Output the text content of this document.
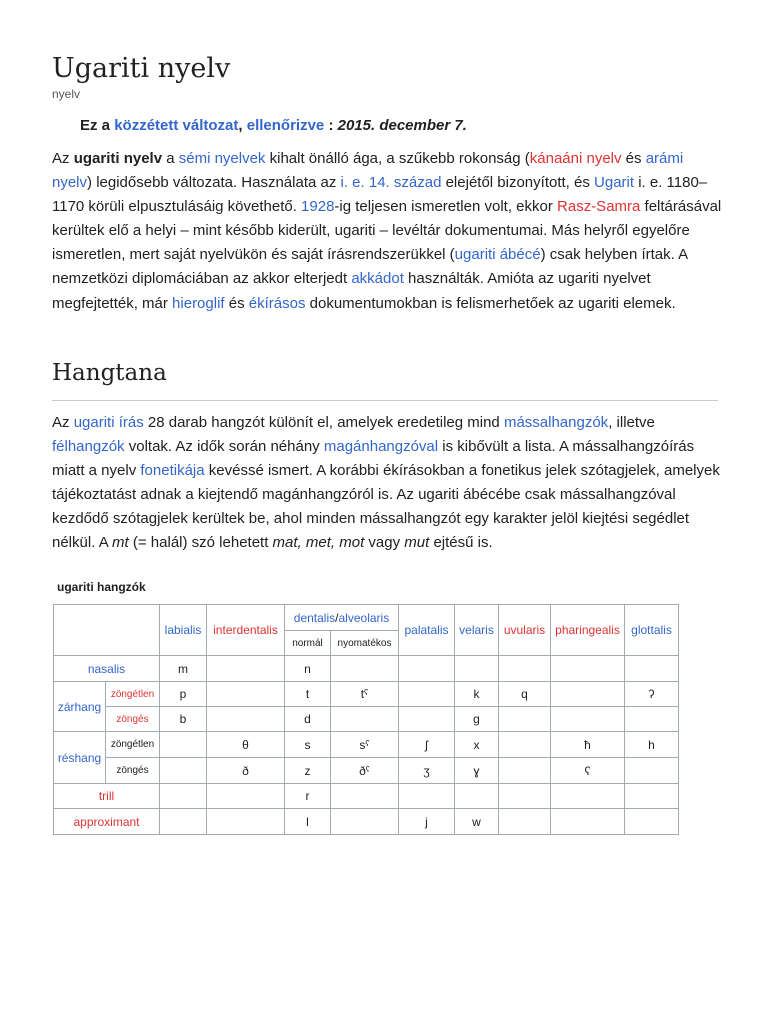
Ugariti nyelv
nyelv
Ez a közzétett változat, ellenőrizve : 2015. december 7.

Az ugariti nyelv a sémi nyelvek kihalt önálló ága, a szűkebb rokonság (kánaáni nyelv és arámi nyelv) legidősebb változata. Használata az i. e. 14. század elejétől bizonyított, és Ugarit i. e. 1180–1170 körüli elpusztulásáig követhető. 1928-ig teljesen ismeretlen volt, ekkor Rasz-Samra feltárásával kerültek elő a helyi – mint később kiderült, ugariti – levéltár dokumentumai. Más helyről egyelőre ismeretlen, mert saját nyelvükön és saját írásrendszerükkel (ugariti ábécé) csak helyben írtak. A nemzetközi diplomáciában az akkor elterjedt akkádot használták. Amióta az ugariti nyelvet megfejtették, már hieroglif és ékírásos dokumentumokban is felismerhetőek az ugariti elemek.

Hangtana

Az ugariti írás 28 darab hangzót különít el, amelyek eredetileg mind mássalhangzók, illetve félhangzók voltak. Az idők során néhány magánhangzóval is kibővült a lista. A mássalhangzóírás miatt a nyelv fonetikája kevéssé ismert. A korábbi ékírásokban a fonetikus jelek szótagjelek, amelyek tájékoztatást adnak a kiejtendő magánhangzóról is. Az ugariti ábécébe csak mássalhangzóval kezdődő szótagjelek kerültek be, ahol minden mássalhangzót egy karakter jelöl kiejtési segédlet nélkül. A mt (= halál) szó lehetett mat, met, mot vagy mut ejtésű is.

ugariti hangzók
		labialis	interdentalis	dentalis/alveolaris		palatalis	velaris	uvularis	pharingealis	glottalis
				normál	nyomatékos					
nasalis		m		n						
zárhang	zöngétlen	p		t	tˤ		k	q		ʔ
	zöngés	b		d			g			
réshang	zöngétlen		θ	s	sˤ	ʃ	x		ħ	h
	zöngés		ð	z	ðˤ	ʒ	ɣ		ʕ	
trill				r						
approximant				l		j	w			
